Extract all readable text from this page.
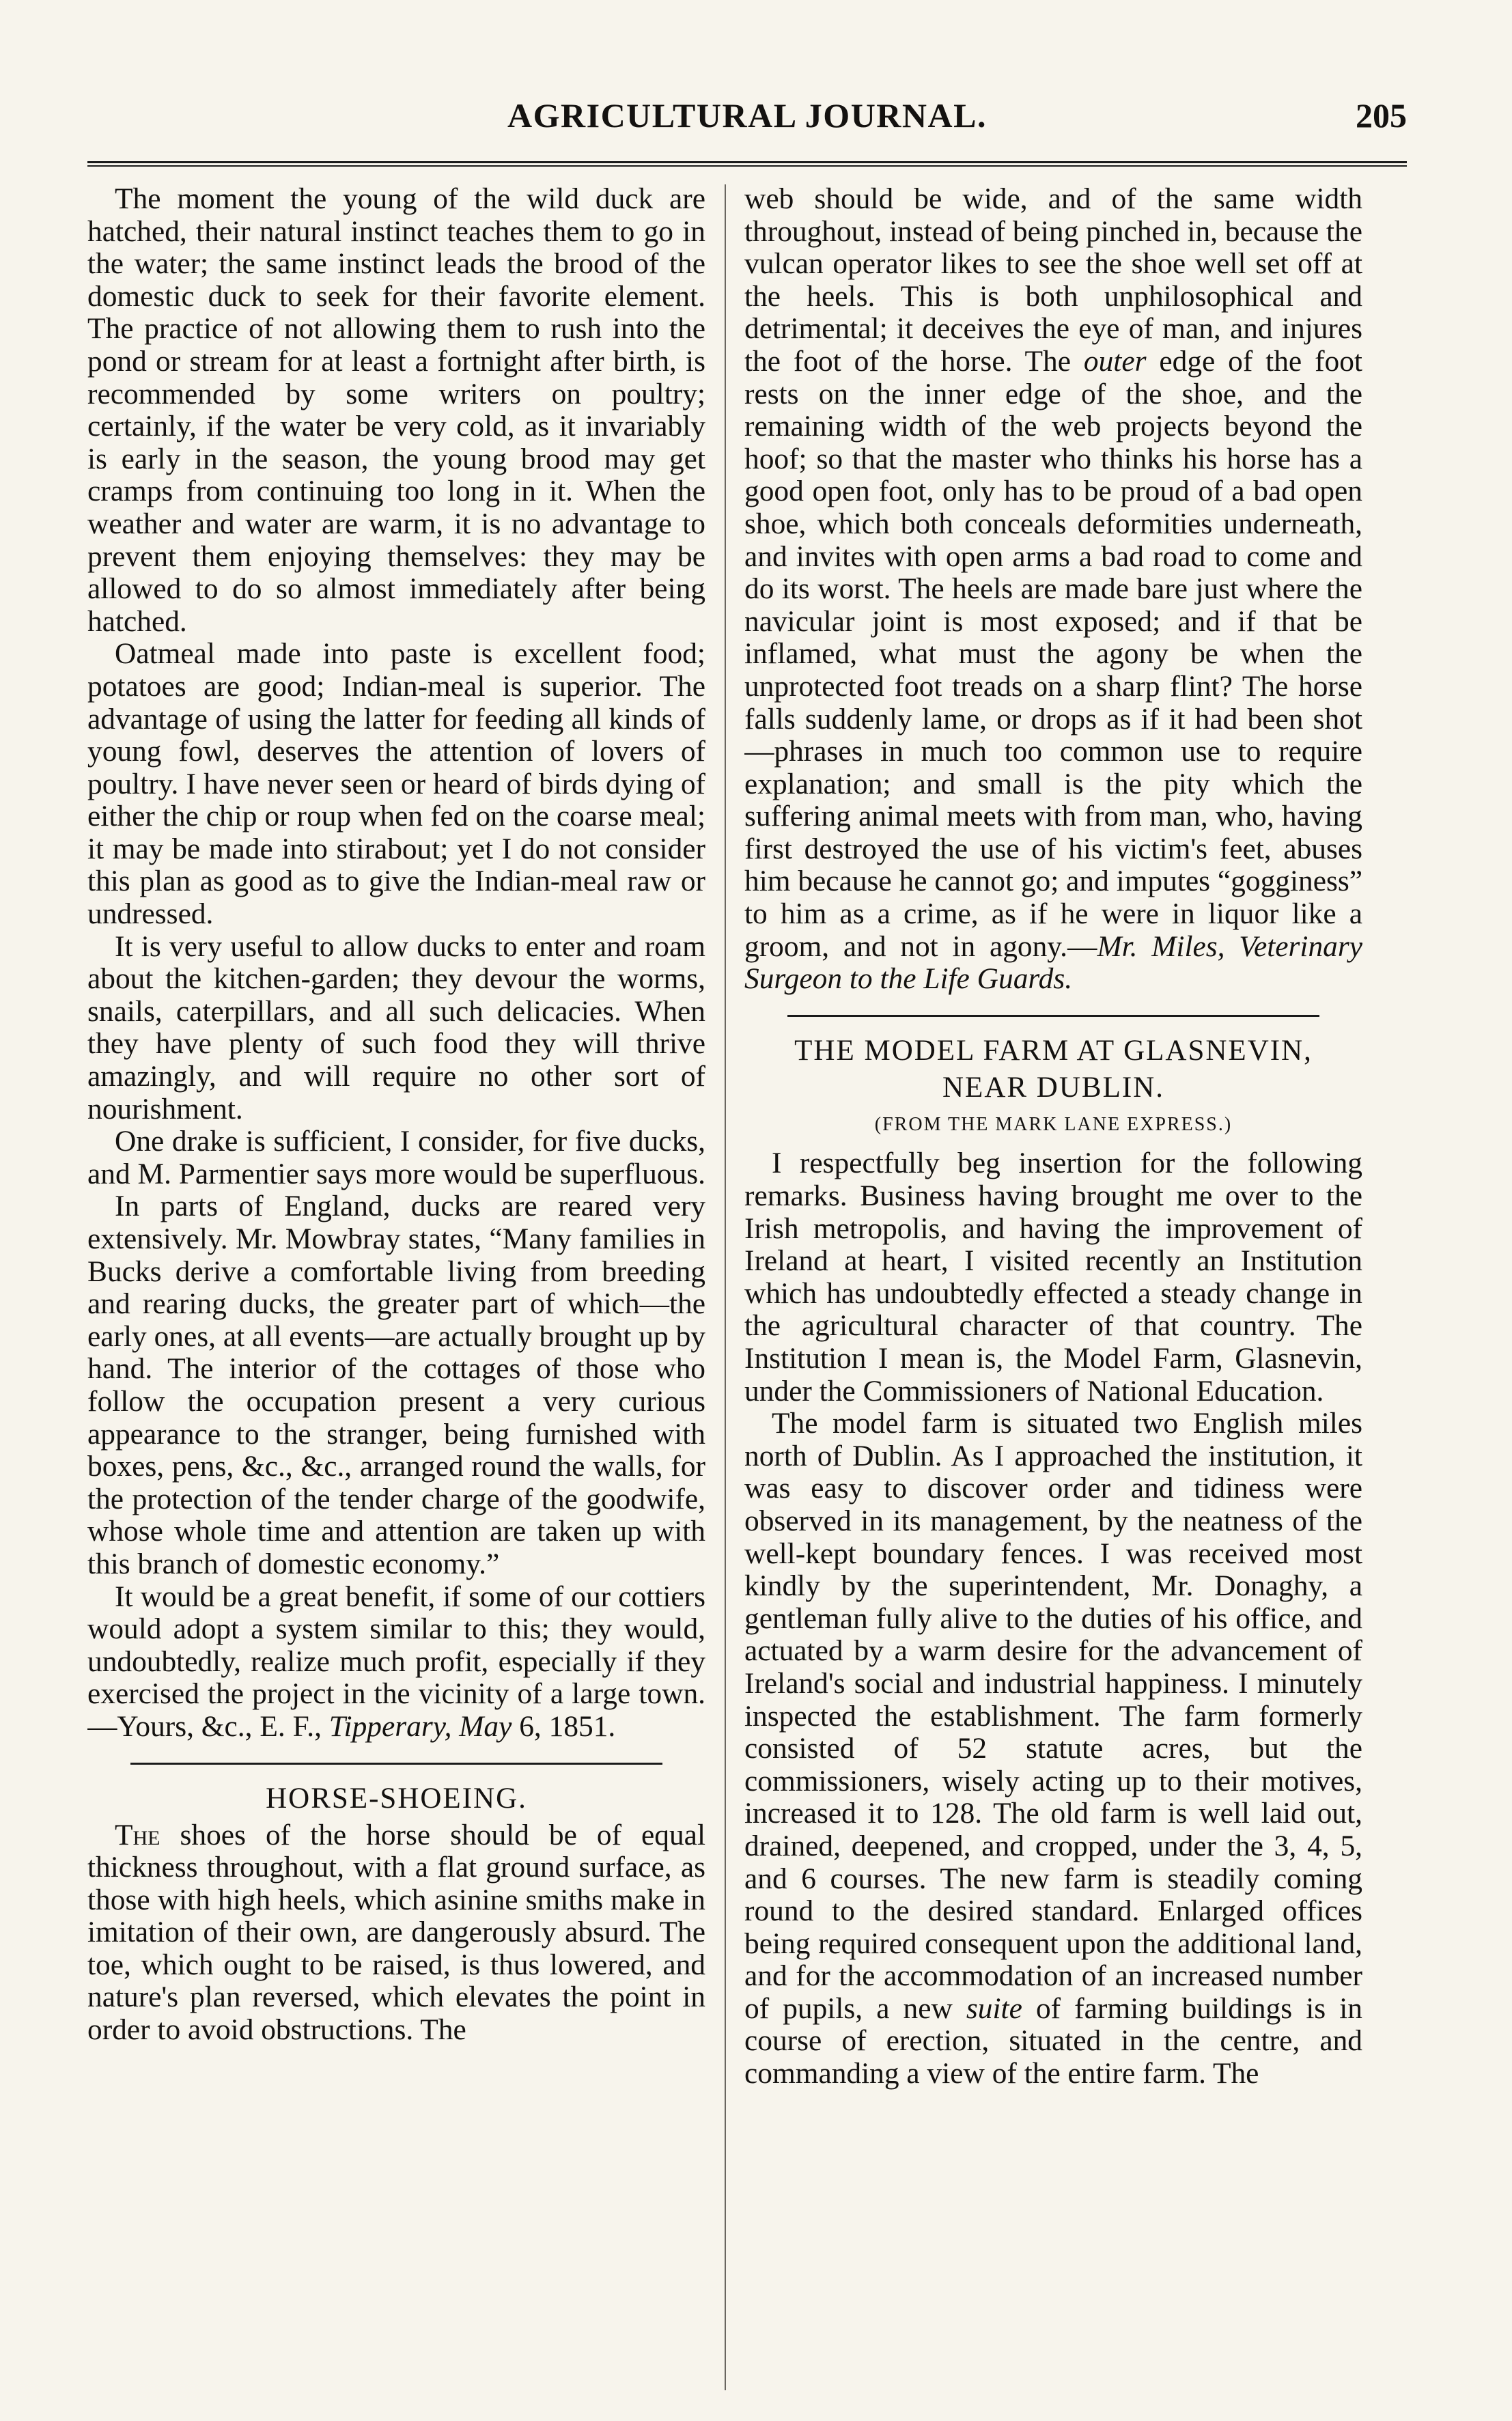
AGRICULTURAL JOURNAL.	205

The moment the young of the wild duck are hatched, their natural instinct teaches them to go in the water; the same instinct leads the brood of the domestic duck to seek for their favorite element. The practice of not allowing them to rush into the pond or stream for at least a fortnight after birth, is recommended by some writers on poultry; certainly, if the water be very cold, as it invariably is early in the season, the young brood may get cramps from continuing too long in it. When the weather and water are warm, it is no advantage to prevent them enjoying themselves: they may be allowed to do so almost immediately after being hatched.

Oatmeal made into paste is excellent food; potatoes are good; Indian-meal is superior. The advantage of using the latter for feeding all kinds of young fowl, deserves the attention of lovers of poultry. I have never seen or heard of birds dying of either the chip or roup when fed on the coarse meal; it may be made into stirabout; yet I do not consider this plan as good as to give the Indian-meal raw or undressed.

It is very useful to allow ducks to enter and roam about the kitchen-garden; they devour the worms, snails, caterpillars, and all such delicacies. When they have plenty of such food they will thrive amazingly, and will require no other sort of nourishment.

One drake is sufficient, I consider, for five ducks, and M. Parmentier says more would be superfluous.

In parts of England, ducks are reared very extensively. Mr. Mowbray states, “Many families in Bucks derive a comfortable living from breeding and rearing ducks, the greater part of which—the early ones, at all events—are actually brought up by hand. The interior of the cottages of those who follow the occupation present a very curious appearance to the stranger, being furnished with boxes, pens, &c., &c., arranged round the walls, for the protection of the tender charge of the goodwife, whose whole time and attention are taken up with this branch of domestic economy.”

It would be a great benefit, if some of our cottiers would adopt a system similar to this; they would, undoubtedly, realize much profit, especially if they exercised the project in the vicinity of a large town.—Yours, &c., E. F., Tipperary, May 6, 1851.

HORSE-SHOEING.

The shoes of the horse should be of equal thickness throughout, with a flat ground surface, as those with high heels, which asinine smiths make in imitation of their own, are dangerously absurd. The toe, which ought to be raised, is thus lowered, and nature's plan reversed, which elevates the point in order to avoid obstructions. The

web should be wide, and of the same width throughout, instead of being pinched in, because the vulcan operator likes to see the shoe well set off at the heels. This is both unphilosophical and detrimental; it deceives the eye of man, and injures the foot of the horse. The outer edge of the foot rests on the inner edge of the shoe, and the remaining width of the web projects beyond the hoof; so that the master who thinks his horse has a good open foot, only has to be proud of a bad open shoe, which both conceals deformities underneath, and invites with open arms a bad road to come and do its worst. The heels are made bare just where the navicular joint is most exposed; and if that be inflamed, what must the agony be when the unprotected foot treads on a sharp flint? The horse falls suddenly lame, or drops as if it had been shot—phrases in much too common use to require explanation; and small is the pity which the suffering animal meets with from man, who, having first destroyed the use of his victim's feet, abuses him because he cannot go; and imputes “gogginess” to him as a crime, as if he were in liquor like a groom, and not in agony.—Mr. Miles, Veterinary Surgeon to the Life Guards.

THE MODEL FARM AT GLASNEVIN,
NEAR DUBLIN.
(FROM THE MARK LANE EXPRESS.)

I respectfully beg insertion for the following remarks. Business having brought me over to the Irish metropolis, and having the improvement of Ireland at heart, I visited recently an Institution which has undoubtedly effected a steady change in the agricultural character of that country. The Institution I mean is, the Model Farm, Glasnevin, under the Commissioners of National Education.

The model farm is situated two English miles north of Dublin. As I approached the institution, it was easy to discover order and tidiness were observed in its management, by the neatness of the well-kept boundary fences. I was received most kindly by the superintendent, Mr. Donaghy, a gentleman fully alive to the duties of his office, and actuated by a warm desire for the advancement of Ireland's social and industrial happiness. I minutely inspected the establishment. The farm formerly consisted of 52 statute acres, but the commissioners, wisely acting up to their motives, increased it to 128. The old farm is well laid out, drained, deepened, and cropped, under the 3, 4, 5, and 6 courses. The new farm is steadily coming round to the desired standard. Enlarged offices being required consequent upon the additional land, and for the accommodation of an increased number of pupils, a new suite of farming buildings is in course of erection, situated in the centre, and commanding a view of the entire farm. The
